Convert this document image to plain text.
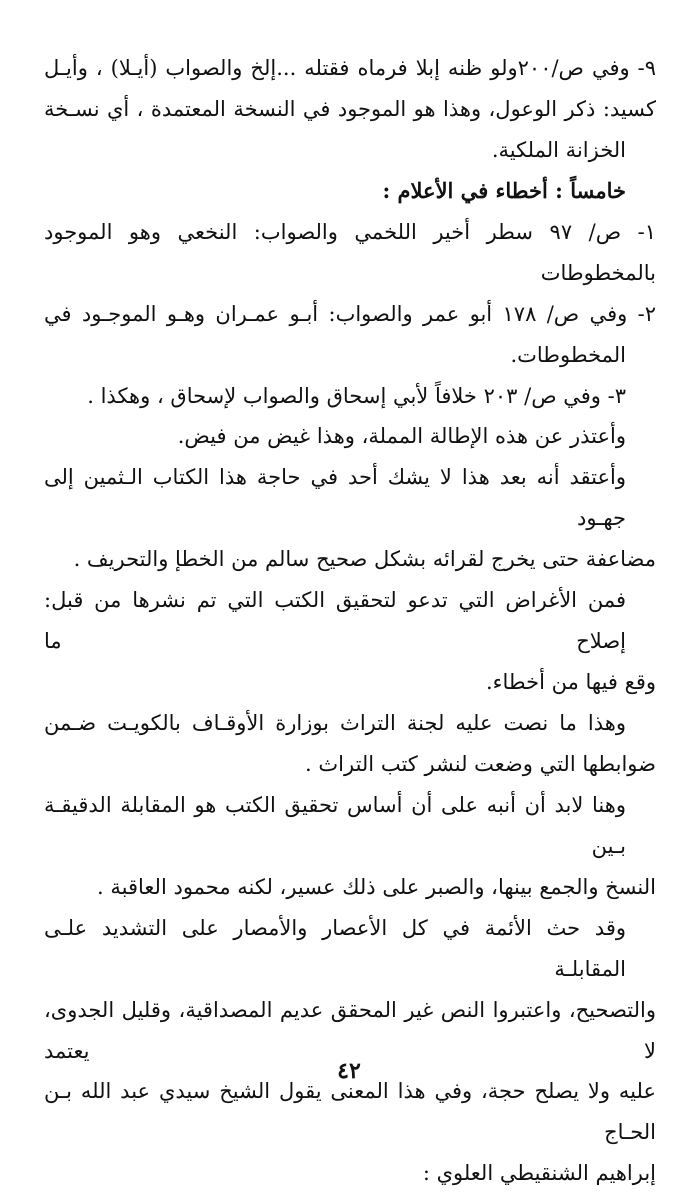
٩- وفي ص/٢٠٠ولو ظنه إبلا فرماه فقتله ...إلخ والصواب (أيـلا) ، وأيـل
كسيد: ذكر الوعول، وهذا هو الموجود في النسخة المعتمدة ، أي نسـخة
الخزانة الملكية.

خامساً : أخطاء في الأعلام :

١- ص/ ٩٧ سطر أخير اللخمي والصواب: النخعي وهو الموجود بالمخطوطات

٢- وفي ص/ ١٧٨ أبو عمر والصواب: أبـو عمـران وهـو الموجـود في
المخطوطات.

٣- وفي ص/ ٢٠٣ خلافاً لأبي إسحاق والصواب لإسحاق ، وهكذا .

وأعتذر عن هذه الإطالة المملة، وهذا غيض من فيض.

وأعتقد أنه بعد هذا لا يشك أحد في حاجة هذا الكتاب الـثمين إلى جهـود
مضاعفة حتى يخرج لقرائه بشكل صحيح سالم من الخطإ والتحريف .

فمن الأغراض التي تدعو لتحقيق الكتب التي تم نشرها من قبل: إصلاح ما
وقع فيها من أخطاء.

وهذا ما نصت عليه لجنة التراث بوزارة الأوقـاف بالكويـت ضـمن
ضوابطها التي وضعت لنشر كتب التراث .

وهنا لابد أن أنبه على أن أساس تحقيق الكتب هو المقابلة الدقيقـة بـين
النسخ والجمع بينها، والصبر على ذلك عسير، لكنه محمود العاقبة .

وقد حث الأئمة في كل الأعصار والأمصار على التشديد علـى المقابلـة
والتصحيح، واعتبروا النص غير المحقق عديم المصداقية، وقليل الجدوى، لا يعتمد
عليه ولا يصلح حجة، وفي هذا المعنى يقول الشيخ سيدي عبد الله بـن الحـاج
إبراهيم الشنقيطي العلوي :

٤٢
